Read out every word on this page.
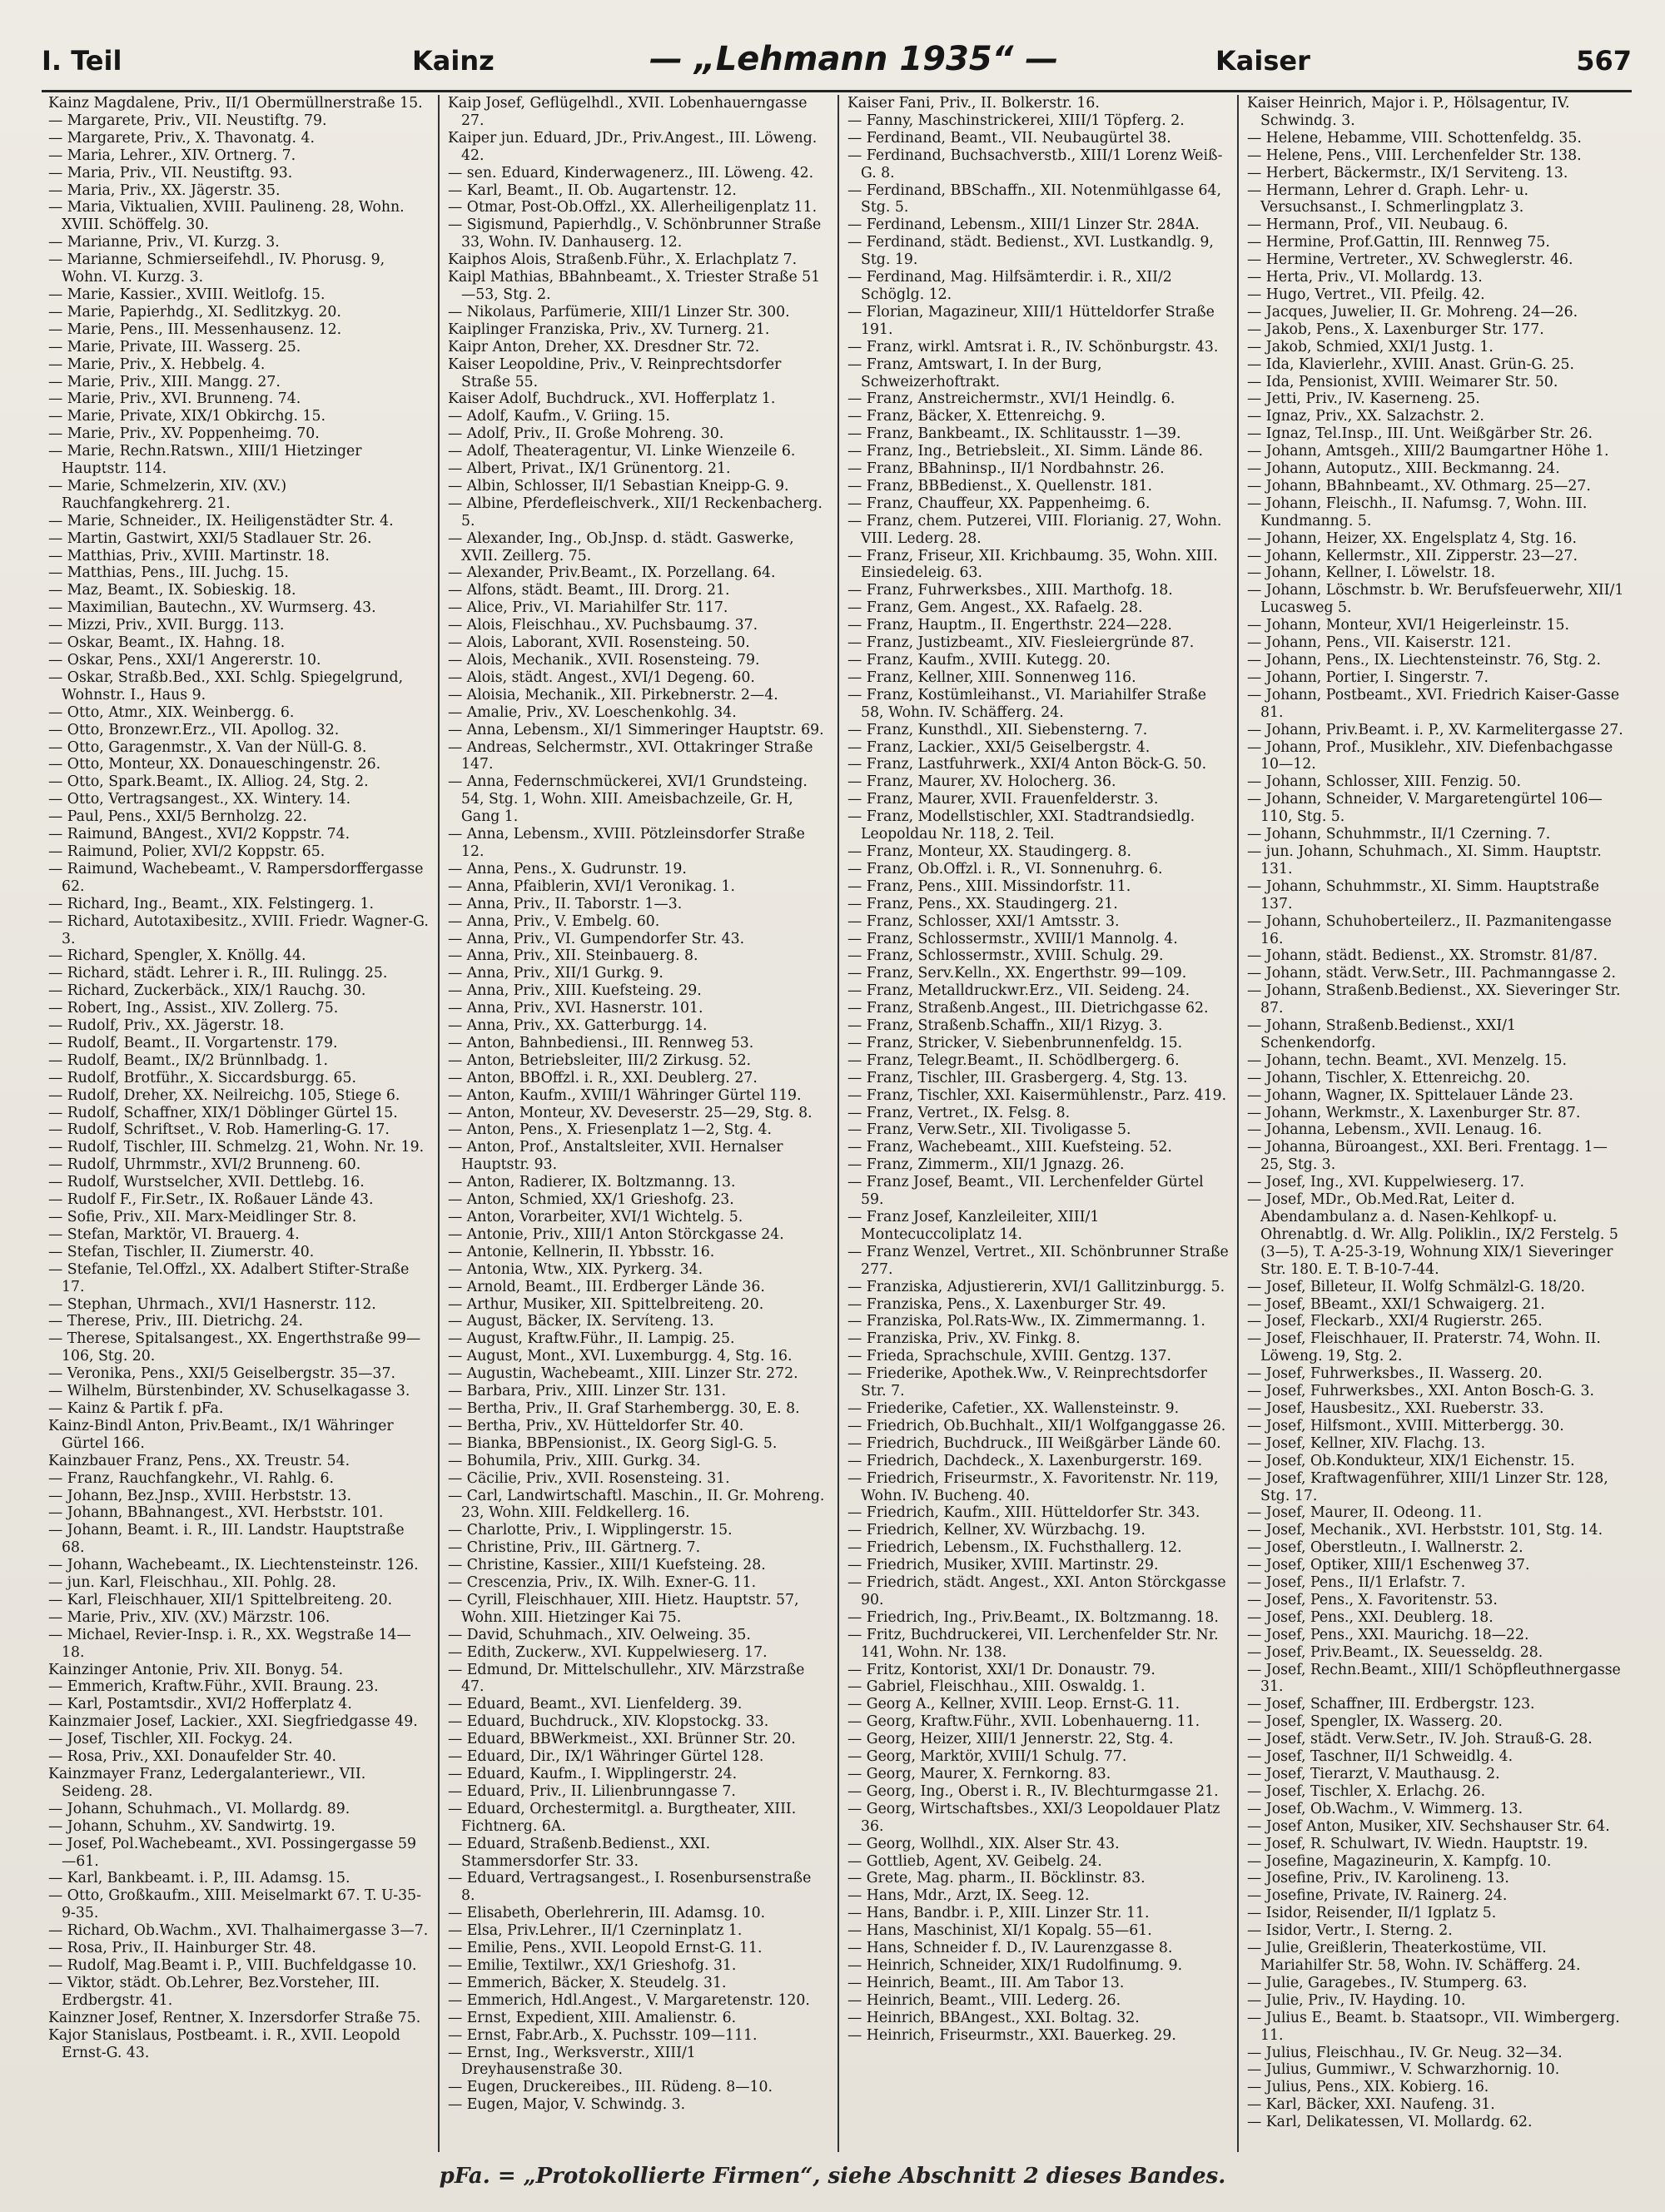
I. Teil	Kainz	— „Lehmann 1935“ —	Kaiser	567
Kainz Magdalene, Priv., II/1 Obermüllnerstraße 15.
— Margarete, Priv., VII. Neustiftg. 79.
— Margarete, Priv., X. Thavonatg. 4.
— Maria, Lehrer., XIV. Ortnerg. 7.
— Maria, Priv., VII. Neustiftg. 93.
— Maria, Priv., XX. Jägerstr. 35.
— Maria, Viktualien, XVIII. Paulineng. 28, Wohn. XVIII. Schöffelg. 30.
— Marianne, Priv., VI. Kurzg. 3.
— Marianne, Schmierseifehdl., IV. Phorusg. 9, Wohn. VI. Kurzg. 3.
— Marie, Kassier., XVIII. Weitlofg. 15.
— Marie, Papierhdg., XI. Sedlitzkyg. 20.
— Marie, Pens., III. Messenhausenz. 12.
— Marie, Private, III. Wasserg. 25.
— Marie, Priv., X. Hebbelg. 4.
— Marie, Priv., XIII. Mangg. 27.
— Marie, Priv., XVI. Brunneng. 74.
— Marie, Private, XIX/1 Obkirchg. 15.
— Marie, Priv., XV. Poppenheimg. 70.
— Marie, Rechn.Ratswn., XIII/1 Hietzinger Hauptstr. 114.
— Marie, Schmelzerin, XIV. (XV.) Rauchfangkehrerg. 21.
— Marie, Schneider., IX. Heiligenstädter Str. 4.
— Martin, Gastwirt, XXI/5 Stadlauer Str. 26.
— Matthias, Priv., XVIII. Martinstr. 18.
— Matthias, Pens., III. Juchg. 15.
— Maz, Beamt., IX. Sobieskig. 18.
— Maximilian, Bautechn., XV. Wurmserg. 43.
— Mizzi, Priv., XVII. Burgg. 113.
— Oskar, Beamt., IX. Hahng. 18.
— Oskar, Pens., XXI/1 Angererstr. 10.
— Oskar, Straßb.Bed., XXI. Schlg. Spiegelgrund, Wohnstr. I., Haus 9.
— Otto, Atmr., XIX. Weinbergg. 6.
— Otto, Bronzewr.Erz., VII. Apollog. 32.
— Otto, Garagenmstr., X. Van der Nüll-G. 8.
— Otto, Monteur, XX. Donaueschingenstr. 26.
— Otto, Spark.Beamt., IX. Alliog. 24, Stg. 2.
— Otto, Vertragsangest., XX. Wintery. 14.
— Paul, Pens., XXI/5 Bernholzg. 22.
— Raimund, BAngest., XVI/2 Koppstr. 74.
— Raimund, Polier, XVI/2 Koppstr. 65.
— Raimund, Wachebeamt., V. Rampersdorffergasse 62.
— Richard, Ing., Beamt., XIX. Felstingerg. 1.
— Richard, Autotaxibesitz., XVIII. Friedr. Wagner-G. 3.
— Richard, Spengler, X. Knöllg. 44.
— Richard, städt. Lehrer i. R., III. Rulingg. 25.
— Richard, Zuckerbäck., XIX/1 Rauchg. 30.
— Robert, Ing., Assist., XIV. Zollerg. 75.
— Rudolf, Priv., XX. Jägerstr. 18.
— Rudolf, Beamt., II. Vorgartenstr. 179.
— Rudolf, Beamt., IX/2 Brünnlbadg. 1.
— Rudolf, Brotführ., X. Siccardsburgg. 65.
— Rudolf, Dreher, XX. Neilreichg. 105, Stiege 6.
— Rudolf, Schaffner, XIX/1 Döblinger Gürtel 15.
— Rudolf, Schriftset., V. Rob. Hamerling-G. 17.
— Rudolf, Tischler, III. Schmelzg. 21, Wohn. Nr. 19.
— Rudolf, Uhrmmstr., XVI/2 Brunneng. 60.
— Rudolf, Wurstselcher, XVII. Dettlebg. 16.
— Rudolf F., Fir.Setr., IX. Roßauer Lände 43.
— Sofie, Priv., XII. Marx-Meidlinger Str. 8.
— Stefan, Marktör, VI. Brauerg. 4.
— Stefan, Tischler, II. Ziumerstr. 40.
— Stefanie, Tel.Offzl., XX. Adalbert Stifter-Straße 17.
— Stephan, Uhrmach., XVI/1 Hasnerstr. 112.
— Therese, Priv., III. Dietrichg. 24.
— Therese, Spitalsangest., XX. Engerthstraße 99—106, Stg. 20.
— Veronika, Pens., XXI/5 Geiselbergstr. 35—37.
— Wilhelm, Bürstenbinder, XV. Schuselkagasse 3.
— Kainz & Partik f. pFa.
Kainz-Bindl Anton, Priv.Beamt., IX/1 Währinger Gürtel 166.
Kainzbauer Franz, Pens., XX. Treustr. 54.
— Franz, Rauchfangkehr., VI. Rahlg. 6.
— Johann, Bez.Jnsp., XVIII. Herbststr. 13.
— Johann, BBahnangest., XVI. Herbststr. 101.
— Johann, Beamt. i. R., III. Landstr. Hauptstraße 68.
— Johann, Wachebeamt., IX. Liechtensteinstr. 126.
— jun. Karl, Fleischhau., XII. Pohlg. 28.
— Karl, Fleischhauer, XII/1 Spittelbreiteng. 20.
— Marie, Priv., XIV. (XV.) Märzstr. 106.
— Michael, Revier-Insp. i. R., XX. Wegstraße 14—18.
Kainzinger Antonie, Priv. XII. Bonyg. 54.
— Emmerich, Kraftw.Führ., XVII. Braung. 23.
— Karl, Postamtsdir., XVI/2 Hofferplatz 4.
Kainzmaier Josef, Lackier., XXI. Siegfriedgasse 49.
— Josef, Tischler, XII. Fockyg. 24.
— Rosa, Priv., XXI. Donaufelder Str. 40.
Kainzmayer Franz, Ledergalanteriewr., VII. Seideng. 28.
— Johann, Schuhmach., VI. Mollardg. 89.
— Johann, Schuhm., XV. Sandwirtg. 19.
— Josef, Pol.Wachebeamt., XVI. Possingergasse 59—61.
— Karl, Bankbeamt. i. P., III. Adamsg. 15.
— Otto, Großkaufm., XIII. Meiselmarkt 67. T. U-35-9-35.
— Richard, Ob.Wachm., XVI. Thalhaimergasse 3—7.
— Rosa, Priv., II. Hainburger Str. 48.
— Rudolf, Mag.Beamt i. P., VIII. Buchfeldgasse 10.
— Viktor, städt. Ob.Lehrer, Bez.Vorsteher, III. Erdbergstr. 41.
Kainzner Josef, Rentner, X. Inzersdorfer Straße 75.
Kajor Stanislaus, Postbeamt. i. R., XVII. Leopold Ernst-G. 43.
Kaip Josef, Geflügelhdl., XVII. Lobenhauerngasse 27.
Kaiper jun. Eduard, JDr., Priv.Angest., III. Löweng. 42.
— sen. Eduard, Kinderwagenerz., III. Löweng. 42.
— Karl, Beamt., II. Ob. Augartenstr. 12.
— Otmar, Post-Ob.Offzl., XX. Allerheiligenplatz 11.
— Sigismund, Papierhdlg., V. Schönbrunner Straße 33, Wohn. IV. Danhauserg. 12.
Kaiphos Alois, Straßenb.Führ., X. Erlachplatz 7.
Kaipl Mathias, BBahnbeamt., X. Triester Straße 51—53, Stg. 2.
— Nikolaus, Parfümerie, XIII/1 Linzer Str. 300.
Kaiplinger Franziska, Priv., XV. Turnerg. 21.
Kaipr Anton, Dreher, XX. Dresdner Str. 72.
Kaiser Leopoldine, Priv., V. Reinprechtsdorfer Straße 55.
Kaiser Adolf, Buchdruck., XVI. Hofferplatz 1.
— Adolf, Kaufm., V. Griing. 15.
— Adolf, Priv., II. Große Mohreng. 30.
— Adolf, Theateragentur, VI. Linke Wienzeile 6.
— Albert, Privat., IX/1 Grünentorg. 21.
— Albin, Schlosser, II/1 Sebastian Kneipp-G. 9.
— Albine, Pferdefleischverk., XII/1 Reckenbacherg. 5.
— Alexander, Ing., Ob.Jnsp. d. städt. Gaswerke, XVII. Zeillerg. 75.
— Alexander, Priv.Beamt., IX. Porzellang. 64.
— Alfons, städt. Beamt., III. Drorg. 21.
— Alice, Priv., VI. Mariahilfer Str. 117.
— Alois, Fleischhau., XV. Puchsbaumg. 37.
— Alois, Laborant, XVII. Rosensteing. 50.
— Alois, Mechanik., XVII. Rosensteing. 79.
— Alois, städt. Angest., XVI/1 Degeng. 60.
— Aloisia, Mechanik., XII. Pirkebnerstr. 2—4.
— Amalie, Priv., XV. Loeschenkohlg. 34.
— Anna, Lebensm., XI/1 Simmeringer Hauptstr. 69.
— Andreas, Selchermstr., XVI. Ottakringer Straße 147.
— Anna, Federnschmückerei, XVI/1 Grundsteing. 54, Stg. 1, Wohn. XIII. Ameisbachzeile, Gr. H, Gang 1.
— Anna, Lebensm., XVIII. Pötzleinsdorfer Straße 12.
— Anna, Pens., X. Gudrunstr. 19.
— Anna, Pfaiblerin, XVI/1 Veronikag. 1.
— Anna, Priv., II. Taborstr. 1—3.
— Anna, Priv., V. Embelg. 60.
— Anna, Priv., VI. Gumpendorfer Str. 43.
— Anna, Priv., XII. Steinbauerg. 8.
— Anna, Priv., XII/1 Gurkg. 9.
— Anna, Priv., XIII. Kuefsteing. 29.
— Anna, Priv., XVI. Hasnerstr. 101.
— Anna, Priv., XX. Gatterburgg. 14.
— Anton, Bahnbediensi., III. Rennweg 53.
— Anton, Betriebsleiter, III/2 Zirkusg. 52.
— Anton, BBOffzl. i. R., XXI. Deublerg. 27.
— Anton, Kaufm., XVIII/1 Währinger Gürtel 119.
— Anton, Monteur, XV. Deveserstr. 25—29, Stg. 8.
— Anton, Pens., X. Friesenplatz 1—2, Stg. 4.
— Anton, Prof., Anstaltsleiter, XVII. Hernalser Hauptstr. 93.
— Anton, Radierer, IX. Boltzmanng. 13.
— Anton, Schmied, XX/1 Grieshofg. 23.
— Anton, Vorarbeiter, XVI/1 Wichtelg. 5.
— Antonie, Priv., XIII/1 Anton Störckgasse 24.
— Antonie, Kellnerin, II. Ybbsstr. 16.
— Antonia, Wtw., XIX. Pyrkerg. 34.
— Arnold, Beamt., III. Erdberger Lände 36.
— Arthur, Musiker, XII. Spittelbreiteng. 20.
— August, Bäcker, IX. Servíteng. 13.
— August, Kraftw.Führ., II. Lampig. 25.
— August, Mont., XVI. Luxemburgg. 4, Stg. 16.
— Augustin, Wachebeamt., XIII. Linzer Str. 272.
— Barbara, Priv., XIII. Linzer Str. 131.
— Bertha, Priv., II. Graf Starhembergg. 30, E. 8.
— Bertha, Priv., XV. Hütteldorfer Str. 40.
— Bianka, BBPensionist., IX. Georg Sigl-G. 5.
— Bohumila, Priv., XIII. Gurkg. 34.
— Cäcilie, Priv., XVII. Rosensteing. 31.
— Carl, Landwirtschaftl. Maschin., II. Gr. Mohreng. 23, Wohn. XIII. Feldkellerg. 16.
— Charlotte, Priv., I. Wipplingerstr. 15.
— Christine, Priv., III. Gärtnerg. 7.
— Christine, Kassier., XIII/1 Kuefsteing. 28.
— Crescenzia, Priv., IX. Wilh. Exner-G. 11.
— Cyrill, Fleischhauer, XIII. Hietz. Hauptstr. 57, Wohn. XIII. Hietzinger Kai 75.
— David, Schuhmach., XIV. Oelweing. 35.
— Edith, Zuckerw., XVI. Kuppelwieserg. 17.
— Edmund, Dr. Mittelschullehr., XIV. Märzstraße 47.
— Eduard, Beamt., XVI. Lienfelderg. 39.
— Eduard, Buchdruck., XIV. Klopstockg. 33.
— Eduard, BBWerkmeist., XXI. Brünner Str. 20.
— Eduard, Dir., IX/1 Währinger Gürtel 128.
— Eduard, Kaufm., I. Wipplingerstr. 24.
— Eduard, Priv., II. Lilienbrunngasse 7.
— Eduard, Orchestermitgl. a. Burgtheater, XIII. Fichtnerg. 6A.
— Eduard, Straßenb.Bedienst., XXI. Stammersdorfer Str. 33.
— Eduard, Vertragsangest., I. Rosenbursenstraße 8.
— Elisabeth, Oberlehrerin, III. Adamsg. 10.
— Elsa, Priv.Lehrer., II/1 Czerninplatz 1.
— Emilie, Pens., XVII. Leopold Ernst-G. 11.
— Emilie, Textilwr., XX/1 Grieshofg. 31.
— Emmerich, Bäcker, X. Steudelg. 31.
— Emmerich, Hdl.Angest., V. Margaretenstr. 120.
— Ernst, Expedient, XIII. Amalienstr. 6.
— Ernst, Fabr.Arb., X. Puchsstr. 109—111.
— Ernst, Ing., Werksverstr., XIII/1 Dreyhausenstraße 30.
— Eugen, Druckereibes., III. Rüdeng. 8—10.
— Eugen, Major, V. Schwindg. 3.
Kaiser Fani, Priv., II. Bolkerstr. 16.
— Fanny, Maschinstrickerei, XIII/1 Töpferg. 2.
— Ferdinand, Beamt., VII. Neubaugürtel 38.
— Ferdinand, Buchsachverstb., XIII/1 Lorenz Weiß-G. 8.
— Ferdinand, BBSchaffn., XII. Notenmühlgasse 64, Stg. 5.
— Ferdinand, Lebensm., XIII/1 Linzer Str. 284A.
— Ferdinand, städt. Bedienst., XVI. Lustkandlg. 9, Stg. 19.
— Ferdinand, Mag. Hilfsämterdir. i. R., XII/2 Schöglg. 12.
— Florian, Magazineur, XIII/1 Hütteldorfer Straße 191.
— Franz, wirkl. Amtsrat i. R., IV. Schönburgstr. 43.
— Franz, Amtswart, I. In der Burg, Schweizerhoftrakt.
— Franz, Anstreichermstr., XVI/1 Heindlg. 6.
— Franz, Bäcker, X. Ettenreichg. 9.
— Franz, Bankbeamt., IX. Schlitausstr. 1—39.
— Franz, Ing., Betriebsleit., XI. Simm. Lände 86.
— Franz, BBahninsp., II/1 Nordbahnstr. 26.
— Franz, BBBedienst., X. Quellenstr. 181.
— Franz, Chauffeur, XX. Pappenheimg. 6.
— Franz, chem. Putzerei, VIII. Florianig. 27, Wohn. VIII. Lederg. 28.
— Franz, Friseur, XII. Krichbaumg. 35, Wohn. XIII. Einsiedeleig. 63.
— Franz, Fuhrwerksbes., XIII. Marthofg. 18.
— Franz, Gem. Angest., XX. Rafaelg. 28.
— Franz, Hauptm., II. Engerthstr. 224—228.
— Franz, Justizbeamt., XIV. Fiesleiergründe 87.
— Franz, Kaufm., XVIII. Kutegg. 20.
— Franz, Kellner, XIII. Sonnenweg 116.
— Franz, Kostümleihanst., VI. Mariahilfer Straße 58, Wohn. IV. Schäfferg. 24.
— Franz, Kunsthdl., XII. Siebensterng. 7.
— Franz, Lackier., XXI/5 Geiselbergstr. 4.
— Franz, Lastfuhrwerk., XXI/4 Anton Böck-G. 50.
— Franz, Maurer, XV. Holocherg. 36.
— Franz, Maurer, XVII. Frauenfelderstr. 3.
— Franz, Modellstischler, XXI. Stadtrandsiedlg. Leopoldau Nr. 118, 2. Teil.
— Franz, Monteur, XX. Staudingerg. 8.
— Franz, Ob.Offzl. i. R., VI. Sonnenuhrg. 6.
— Franz, Pens., XIII. Missindorfstr. 11.
— Franz, Pens., XX. Staudingerg. 21.
— Franz, Schlosser, XXI/1 Amtsstr. 3.
— Franz, Schlossermstr., XVIII/1 Mannolg. 4.
— Franz, Schlossermstr., XVIII. Schulg. 29.
— Franz, Serv.Kelln., XX. Engerthstr. 99—109.
— Franz, Metalldruckwr.Erz., VII. Seideng. 24.
— Franz, Straßenb.Angest., III. Dietrichgasse 62.
— Franz, Straßenb.Schaffn., XII/1 Rizyg. 3.
— Franz, Stricker, V. Siebenbrunnenfeldg. 15.
— Franz, Telegr.Beamt., II. Schödlbergerg. 6.
— Franz, Tischler, III. Grasbergerg. 4, Stg. 13.
— Franz, Tischler, XXI. Kaisermühlenstr., Parz. 419.
— Franz, Vertret., IX. Felsg. 8.
— Franz, Verw.Setr., XII. Tivoligasse 5.
— Franz, Wachebeamt., XIII. Kuefsteing. 52.
— Franz, Zimmerm., XII/1 Jgnazg. 26.
— Franz Josef, Beamt., VII. Lerchenfelder Gürtel 59.
— Franz Josef, Kanzleileiter, XIII/1 Montecuccoliplatz 14.
— Franz Wenzel, Vertret., XII. Schönbrunner Straße 277.
— Franziska, Adjustiererin, XVI/1 Gallitzinburgg. 5.
— Franziska, Pens., X. Laxenburger Str. 49.
— Franziska, Pol.Rats-Ww., IX. Zimmermanng. 1.
— Franziska, Priv., XV. Finkg. 8.
— Frieda, Sprachschule, XVIII. Gentzg. 137.
— Friederike, Apothek.Ww., V. Reinprechtsdorfer Str. 7.
— Friederike, Cafetier., XX. Wallensteinstr. 9.
— Friedrich, Ob.Buchhalt., XII/1 Wolfganggasse 26.
— Friedrich, Buchdruck., III Weißgärber Lände 60.
— Friedrich, Dachdeck., X. Laxenburgerstr. 169.
— Friedrich, Friseurmstr., X. Favoritenstr. Nr. 119, Wohn. IV. Bucheng. 40.
— Friedrich, Kaufm., XIII. Hütteldorfer Str. 343.
— Friedrich, Kellner, XV. Würzbachg. 19.
— Friedrich, Lebensm., IX. Fuchsthallerg. 12.
— Friedrich, Musiker, XVIII. Martinstr. 29.
— Friedrich, städt. Angest., XXI. Anton Störckgasse 90.
— Friedrich, Ing., Priv.Beamt., IX. Boltzmanng. 18.
— Fritz, Buchdruckerei, VII. Lerchenfelder Str. Nr. 141, Wohn. Nr. 138.
— Fritz, Kontorist, XXI/1 Dr. Donaustr. 79.
— Gabriel, Fleischhau., XIII. Oswaldg. 1.
— Georg A., Kellner, XVIII. Leop. Ernst-G. 11.
— Georg, Kraftw.Führ., XVII. Lobenhauerng. 11.
— Georg, Heizer, XIII/1 Jennerstr. 22, Stg. 4.
— Georg, Marktör, XVIII/1 Schulg. 77.
— Georg, Maurer, X. Fernkorng. 83.
— Georg, Ing., Oberst i. R., IV. Blechturmgasse 21.
— Georg, Wirtschaftsbes., XXI/3 Leopoldauer Platz 36.
— Georg, Wollhdl., XIX. Alser Str. 43.
— Gottlieb, Agent, XV. Geibelg. 24.
— Grete, Mag. pharm., II. Böcklinstr. 83.
— Hans, Mdr., Arzt, IX. Seeg. 12.
— Hans, Bandbr. i. P., XIII. Linzer Str. 11.
— Hans, Maschinist, XI/1 Kopalg. 55—61.
— Hans, Schneider f. D., IV. Laurenzgasse 8.
— Heinrich, Schneider, XIX/1 Rudolfinumg. 9.
— Heinrich, Beamt., III. Am Tabor 13.
— Heinrich, Beamt., VIII. Lederg. 26.
— Heinrich, BBAngest., XXI. Boltag. 32.
— Heinrich, Friseurmstr., XXI. Bauerkeg. 29.
Kaiser Heinrich, Major i. P., Hölsagentur, IV. Schwindg. 3.
— Helene, Hebamme, VIII. Schottenfeldg. 35.
— Helene, Pens., VIII. Lerchenfelder Str. 138.
— Herbert, Bäckermstr., IX/1 Serviteng. 13.
— Hermann, Lehrer d. Graph. Lehr- u. Versuchsanst., I. Schmerlingplatz 3.
— Hermann, Prof., VII. Neubaug. 6.
— Hermine, Prof.Gattin, III. Rennweg 75.
— Hermine, Vertreter., XV. Schweglerstr. 46.
— Herta, Priv., VI. Mollardg. 13.
— Hugo, Vertret., VII. Pfeilg. 42.
— Jacques, Juwelier, II. Gr. Mohreng. 24—26.
— Jakob, Pens., X. Laxenburger Str. 177.
— Jakob, Schmied, XXI/1 Justg. 1.
— Ida, Klavierlehr., XVIII. Anast. Grün-G. 25.
— Ida, Pensionist, XVIII. Weimarer Str. 50.
— Jetti, Priv., IV. Kaserneng. 25.
— Ignaz, Priv., XX. Salzachstr. 2.
— Ignaz, Tel.Insp., III. Unt. Weißgärber Str. 26.
— Johann, Amtsgeh., XIII/2 Baumgartner Höhe 1.
— Johann, Autoputz., XIII. Beckmanng. 24.
— Johann, BBahnbeamt., XV. Othmarg. 25—27.
— Johann, Fleischh., II. Nafumsg. 7, Wohn. III. Kundmanng. 5.
— Johann, Heizer, XX. Engelsplatz 4, Stg. 16.
— Johann, Kellermstr., XII. Zipperstr. 23—27.
— Johann, Kellner, I. Löwelstr. 18.
— Johann, Löschmstr. b. Wr. Berufsfeuerwehr, XII/1 Lucasweg 5.
— Johann, Monteur, XVI/1 Heigerleinstr. 15.
— Johann, Pens., VII. Kaiserstr. 121.
— Johann, Pens., IX. Liechtensteinstr. 76, Stg. 2.
— Johann, Portier, I. Singerstr. 7.
— Johann, Postbeamt., XVI. Friedrich Kaiser-Gasse 81.
— Johann, Priv.Beamt. i. P., XV. Karmelitergasse 27.
— Johann, Prof., Musiklehr., XIV. Diefenbachgasse 10—12.
— Johann, Schlosser, XIII. Fenzig. 50.
— Johann, Schneider, V. Margaretengürtel 106—110, Stg. 5.
— Johann, Schuhmmstr., II/1 Czerning. 7.
— jun. Johann, Schuhmach., XI. Simm. Hauptstr. 131.
— Johann, Schuhmmstr., XI. Simm. Hauptstraße 137.
— Johann, Schuhoberteilerz., II. Pazmanitengasse 16.
— Johann, städt. Bedienst., XX. Stromstr. 81/87.
— Johann, städt. Verw.Setr., III. Pachmanngasse 2.
— Johann, Straßenb.Bedienst., XX. Sieveringer Str. 87.
— Johann, Straßenb.Bedienst., XXI/1 Schenkendorfg.
— Johann, techn. Beamt., XVI. Menzelg. 15.
— Johann, Tischler, X. Ettenreichg. 20.
— Johann, Wagner, IX. Spittelauer Lände 23.
— Johann, Werkmstr., X. Laxenburger Str. 87.
— Johanna, Lebensm., XVII. Lenaug. 16.
— Johanna, Büroangest., XXI. Beri. Frentagg. 1—25, Stg. 3.
— Josef, Ing., XVI. Kuppelwieserg. 17.
— Josef, MDr., Ob.Med.Rat, Leiter d. Abendambulanz a. d. Nasen-Kehlkopf- u. Ohrenabtlg. d. Wr. Allg. Poliklin., IX/2 Ferstelg. 5 (3—5), T. A-25-3-19, Wohnung XIX/1 Sieveringer Str. 180. E. T. B-10-7-44.
— Josef, Billeteur, II. Wolfg Schmälzl-G. 18/20.
— Josef, BBeamt., XXI/1 Schwaigerg. 21.
— Josef, Fleckarb., XXI/4 Rugierstr. 265.
— Josef, Fleischhauer, II. Praterstr. 74, Wohn. II. Löweng. 19, Stg. 2.
— Josef, Fuhrwerksbes., II. Wasserg. 20.
— Josef, Fuhrwerksbes., XXI. Anton Bosch-G. 3.
— Josef, Hausbesitz., XXI. Rueberstr. 33.
— Josef, Hilfsmont., XVIII. Mitterbergg. 30.
— Josef, Kellner, XIV. Flachg. 13.
— Josef, Ob.Kondukteur, XIX/1 Eichenstr. 15.
— Josef, Kraftwagenführer, XIII/1 Linzer Str. 128, Stg. 17.
— Josef, Maurer, II. Odeong. 11.
— Josef, Mechanik., XVI. Herbststr. 101, Stg. 14.
— Josef, Oberstleutn., I. Wallnerstr. 2.
— Josef, Optiker, XIII/1 Eschenweg 37.
— Josef, Pens., II/1 Erlafstr. 7.
— Josef, Pens., X. Favoritenstr. 53.
— Josef, Pens., XXI. Deublerg. 18.
— Josef, Pens., XXI. Maurichg. 18—22.
— Josef, Priv.Beamt., IX. Seuesseldg. 28.
— Josef, Rechn.Beamt., XIII/1 Schöpfleuthnergasse 31.
— Josef, Schaffner, III. Erdbergstr. 123.
— Josef, Spengler, IX. Wasserg. 20.
— Josef, städt. Verw.Setr., IV. Joh. Strauß-G. 28.
— Josef, Taschner, II/1 Schweidlg. 4.
— Josef, Tierarzt, V. Mauthausg. 2.
— Josef, Tischler, X. Erlachg. 26.
— Josef, Ob.Wachm., V. Wimmerg. 13.
— Josef Anton, Musiker, XIV. Sechshauser Str. 64.
— Josef, R. Schulwart, IV. Wiedn. Hauptstr. 19.
— Josefine, Magazineurin, X. Kampfg. 10.
— Josefine, Priv., IV. Karolineng. 13.
— Josefine, Private, IV. Rainerg. 24.
— Isidor, Reisender, II/1 Igplatz 5.
— Isidor, Vertr., I. Sterng. 2.
— Julie, Greißlerin, Theaterkostüme, VII. Mariahilfer Str. 58, Wohn. IV. Schäfferg. 24.
— Julie, Garagebes., IV. Stumperg. 63.
— Julie, Priv., IV. Hayding. 10.
— Julius E., Beamt. b. Staatsopr., VII. Wimbergerg. 11.
— Julius, Fleischhau., IV. Gr. Neug. 32—34.
— Julius, Gummiwr., V. Schwarzhornig. 10.
— Julius, Pens., XIX. Kobierg. 16.
— Karl, Bäcker, XXI. Naufeng. 31.
— Karl, Delikatessen, VI. Mollardg. 62.
pFa. = „Protokollierte Firmen“, siehe Abschnitt 2 dieses Bandes.
